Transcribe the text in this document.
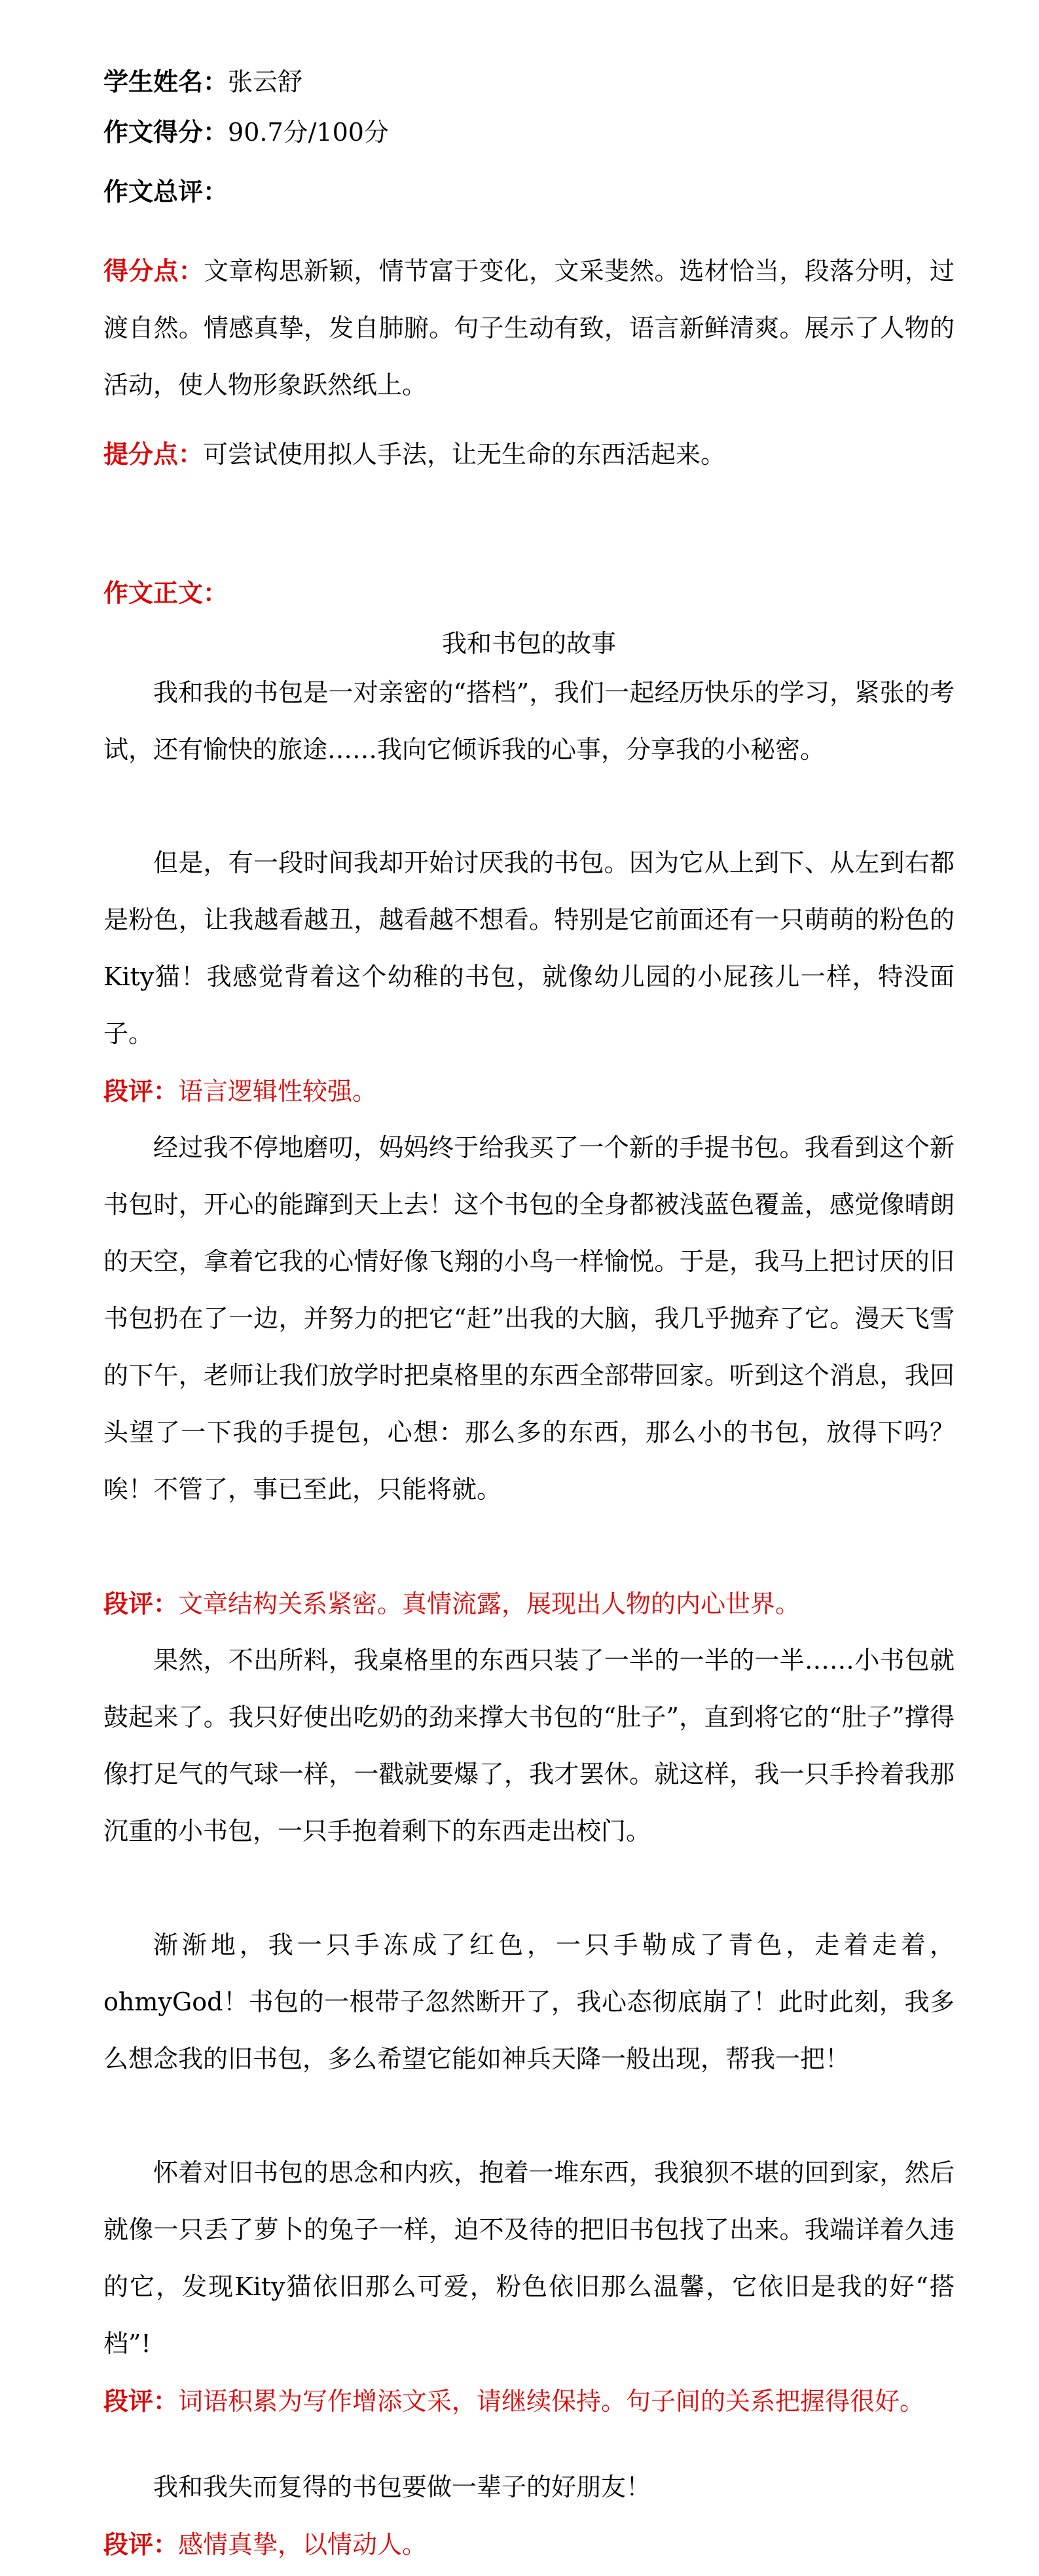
学生姓名：张云舒
作文得分：90.7分/100分
作文总评：
得分点：文章构思新颖，情节富于变化，文采斐然。选材恰当，段落分明，过渡自然。情感真挚，发自肺腑。句子生动有致，语言新鲜清爽。展示了人物的活动，使人物形象跃然纸上。
提分点：可尝试使用拟人手法，让无生命的东西活起来。
作文正文：
我和书包的故事
我和我的书包是一对亲密的“搭档”，我们一起经历快乐的学习，紧张的考试，还有愉快的旅途……我向它倾诉我的心事，分享我的小秘密。
但是，有一段时间我却开始讨厌我的书包。因为它从上到下、从左到右都是粉色，让我越看越丑，越看越不想看。特别是它前面还有一只萌萌的粉色的Kity猫！我感觉背着这个幼稚的书包，就像幼儿园的小屁孩儿一样，特没面子。
段评：语言逻辑性较强。
经过我不停地磨叨，妈妈终于给我买了一个新的手提书包。我看到这个新书包时，开心的能蹿到天上去！这个书包的全身都被浅蓝色覆盖，感觉像晴朗的天空，拿着它我的心情好像飞翔的小鸟一样愉悦。于是，我马上把讨厌的旧书包扔在了一边，并努力的把它“赶”出我的大脑，我几乎抛弃了它。漫天飞雪的下午，老师让我们放学时把桌格里的东西全部带回家。听到这个消息，我回头望了一下我的手提包，心想：那么多的东西，那么小的书包，放得下吗？唉！不管了，事已至此，只能将就。
段评：文章结构关系紧密。真情流露，展现出人物的内心世界。
果然，不出所料，我桌格里的东西只装了一半的一半的一半……小书包就鼓起来了。我只好使出吃奶的劲来撑大书包的“肚子”，直到将它的“肚子”撑得像打足气的气球一样，一戳就要爆了，我才罢休。就这样，我一只手拎着我那沉重的小书包，一只手抱着剩下的东西走出校门。
渐渐地，我一只手冻成了红色，一只手勒成了青色，走着走着，ohmyGod！书包的一根带子忽然断开了，我心态彻底崩了！此时此刻，我多么想念我的旧书包，多么希望它能如神兵天降一般出现，帮我一把！
怀着对旧书包的思念和内疚，抱着一堆东西，我狼狈不堪的回到家，然后就像一只丢了萝卜的兔子一样，迫不及待的把旧书包找了出来。我端详着久违的它，发现Kity猫依旧那么可爱，粉色依旧那么温馨，它依旧是我的好“搭档”!
段评：词语积累为写作增添文采，请继续保持。句子间的关系把握得很好。
我和我失而复得的书包要做一辈子的好朋友！
段评：感情真挚，以情动人。
